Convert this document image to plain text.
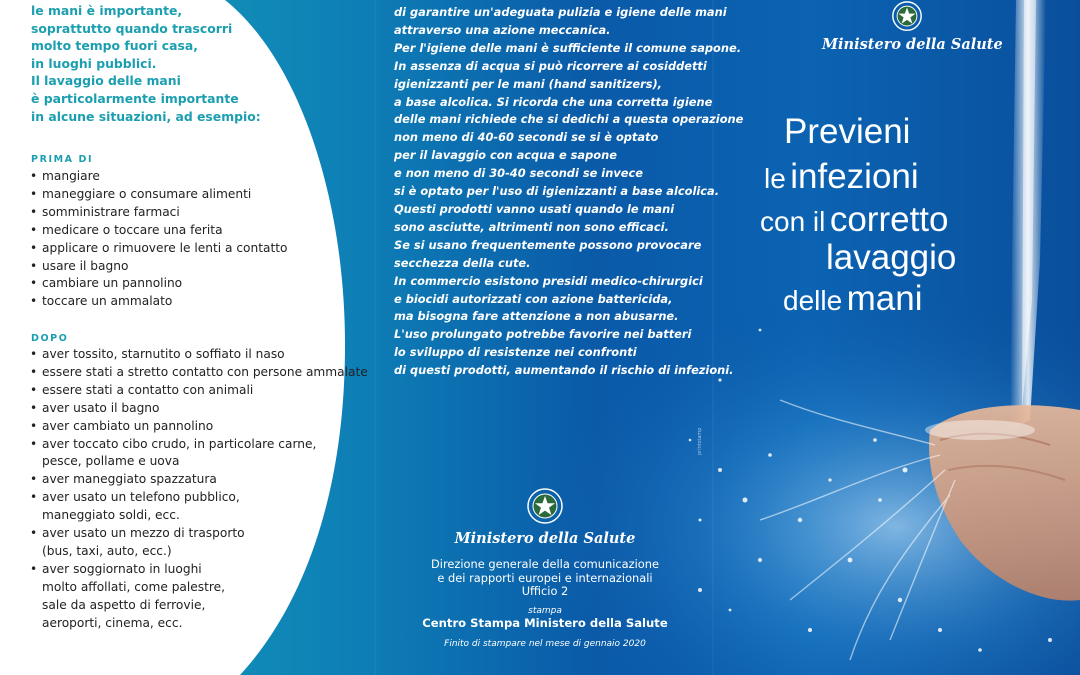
printstamp
le mani è importante,
soprattutto quando trascorri
molto tempo fuori casa,
in luoghi pubblici.
Il lavaggio delle mani
è particolarmente importante
in alcune situazioni, ad esempio:
PRIMA DI
• mangiare
• maneggiare o consumare alimenti
• somministrare farmaci
• medicare o toccare una ferita
• applicare o rimuovere le lenti a contatto
• usare il bagno
• cambiare un pannolino
• toccare un ammalato
DOPO
• aver tossito, starnutito o soffiato il naso
• essere stati a stretto contatto con persone ammalate
• essere stati a contatto con animali
• aver usato il bagno
• aver cambiato un pannolino
• aver toccato cibo crudo, in particolare carne,
pesce, pollame e uova
• aver maneggiato spazzatura
• aver usato un telefono pubblico,
maneggiato soldi, ecc.
• aver usato un mezzo di trasporto
(bus, taxi, auto, ecc.)
• aver soggiornato in luoghi
molto affollati, come palestre,
sale da aspetto di ferrovie,
aeroporti, cinema, ecc.
di garantire un'adeguata pulizia e igiene delle mani
attraverso una azione meccanica.
Per l'igiene delle mani è sufficiente il comune sapone.
In assenza di acqua si può ricorrere ai cosiddetti
igienizzanti per le mani (hand sanitizers),
a base alcolica. Si ricorda che una corretta igiene
delle mani richiede che si dedichi a questa operazione
non meno di 40-60 secondi se si è optato
per il lavaggio con acqua e sapone
e non meno di 30-40 secondi se invece
si è optato per l'uso di igienizzanti a base alcolica.
Questi prodotti vanno usati quando le mani
sono asciutte, altrimenti non sono efficaci.
Se si usano frequentemente possono provocare
secchezza della cute.
In commercio esistono presidi medico-chirurgici
e biocidi autorizzati con azione battericida,
ma bisogna fare attenzione a non abusarne.
L'uso prolungato potrebbe favorire nei batteri
lo sviluppo di resistenze nei confronti
di questi prodotti, aumentando il rischio di infezioni.
Ministero della Salute
Direzione generale della comunicazione
e dei rapporti europei e internazionali
Ufficio 2
stampa
Centro Stampa Ministero della Salute
Finito di stampare nel mese di gennaio 2020
Ministero della Salute
Previeni
le infezioni
con il corretto
lavaggio
delle mani
